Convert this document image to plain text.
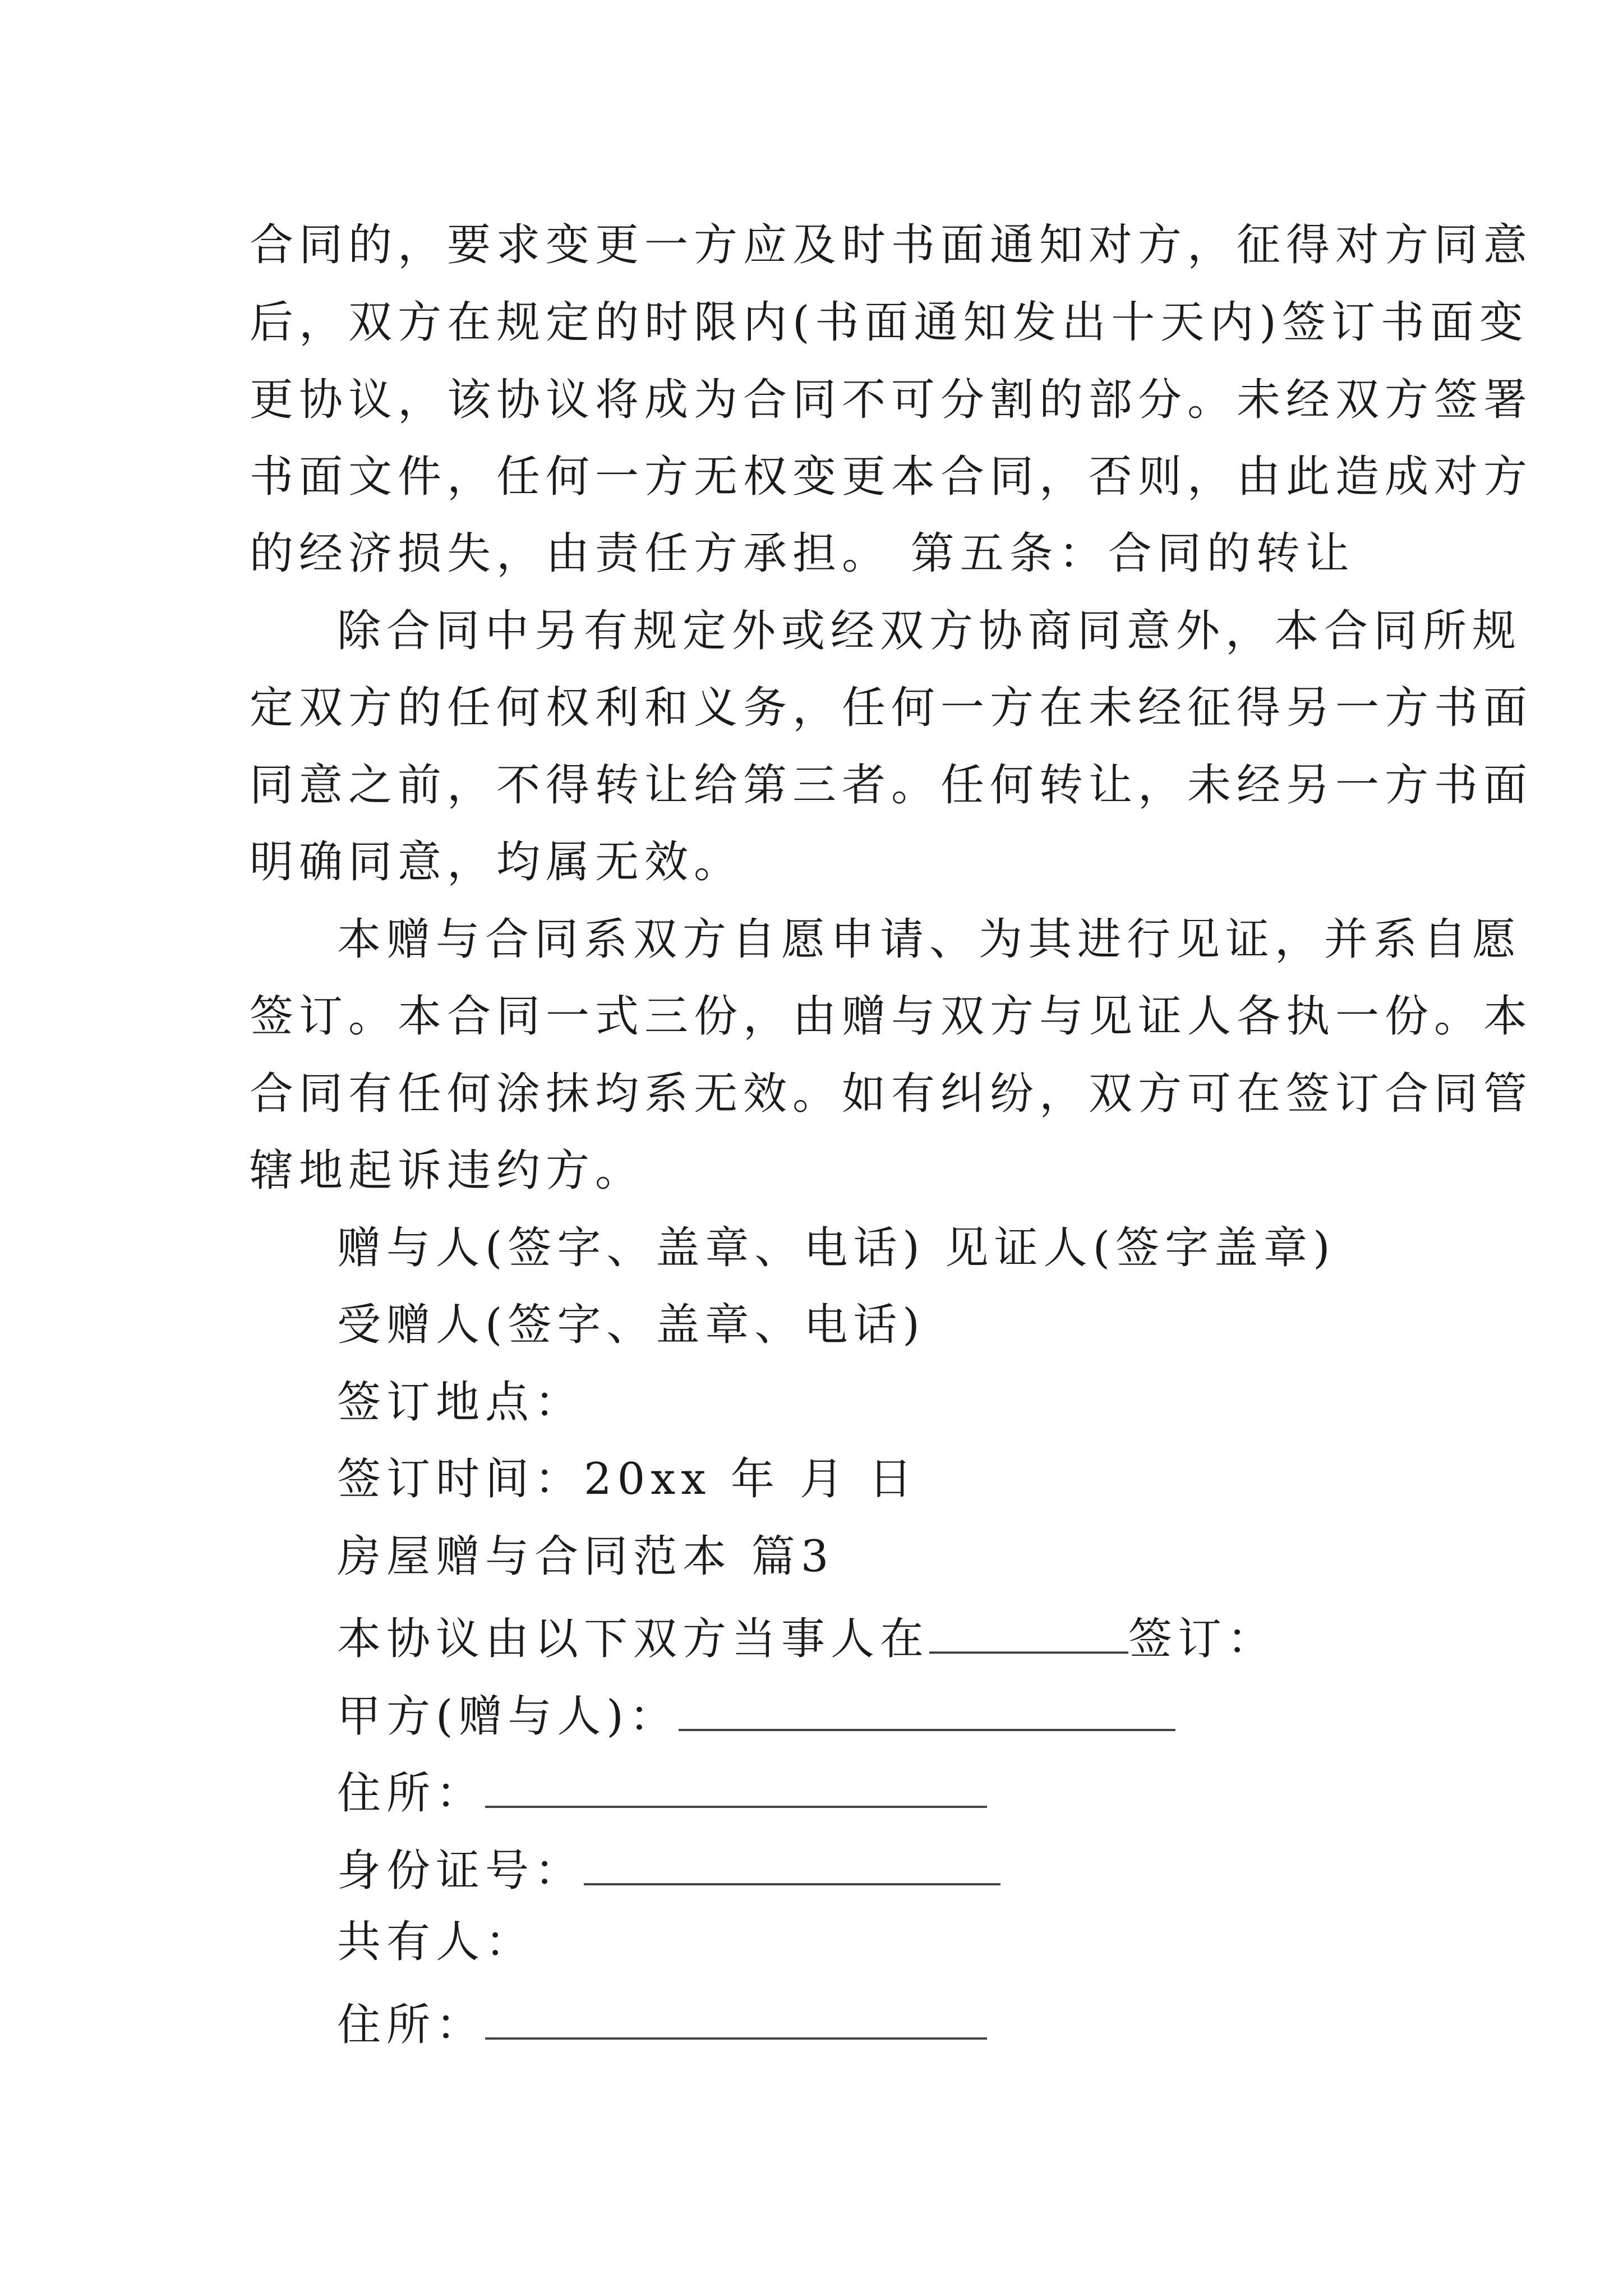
合同的，要求变更一方应及时书面通知对方，征得对方同意
后，双方在规定的时限内(书面通知发出十天内)签订书面变
更协议，该协议将成为合同不可分割的部分。未经双方签署
书面文件，任何一方无权变更本合同，否则，由此造成对方
的经济损失，由责任方承担。 第五条：合同的转让
除合同中另有规定外或经双方协商同意外，本合同所规
定双方的任何权利和义务，任何一方在未经征得另一方书面
同意之前，不得转让给第三者。任何转让，未经另一方书面
明确同意，均属无效。
本赠与合同系双方自愿申请、为其进行见证，并系自愿
签订。本合同一式三份，由赠与双方与见证人各执一份。本
合同有任何涂抹均系无效。如有纠纷，双方可在签订合同管
辖地起诉违约方。
赠与人(签字、盖章、电话) 见证人(签字盖章)
受赠人(签字、盖章、电话)
签订地点：
签订时间：20xx 年 月 日
房屋赠与合同范本 篇3
本协议由以下双方当事人在	签订：
甲方(赠与人)：
住所：
身份证号：
共有人：
住所：
